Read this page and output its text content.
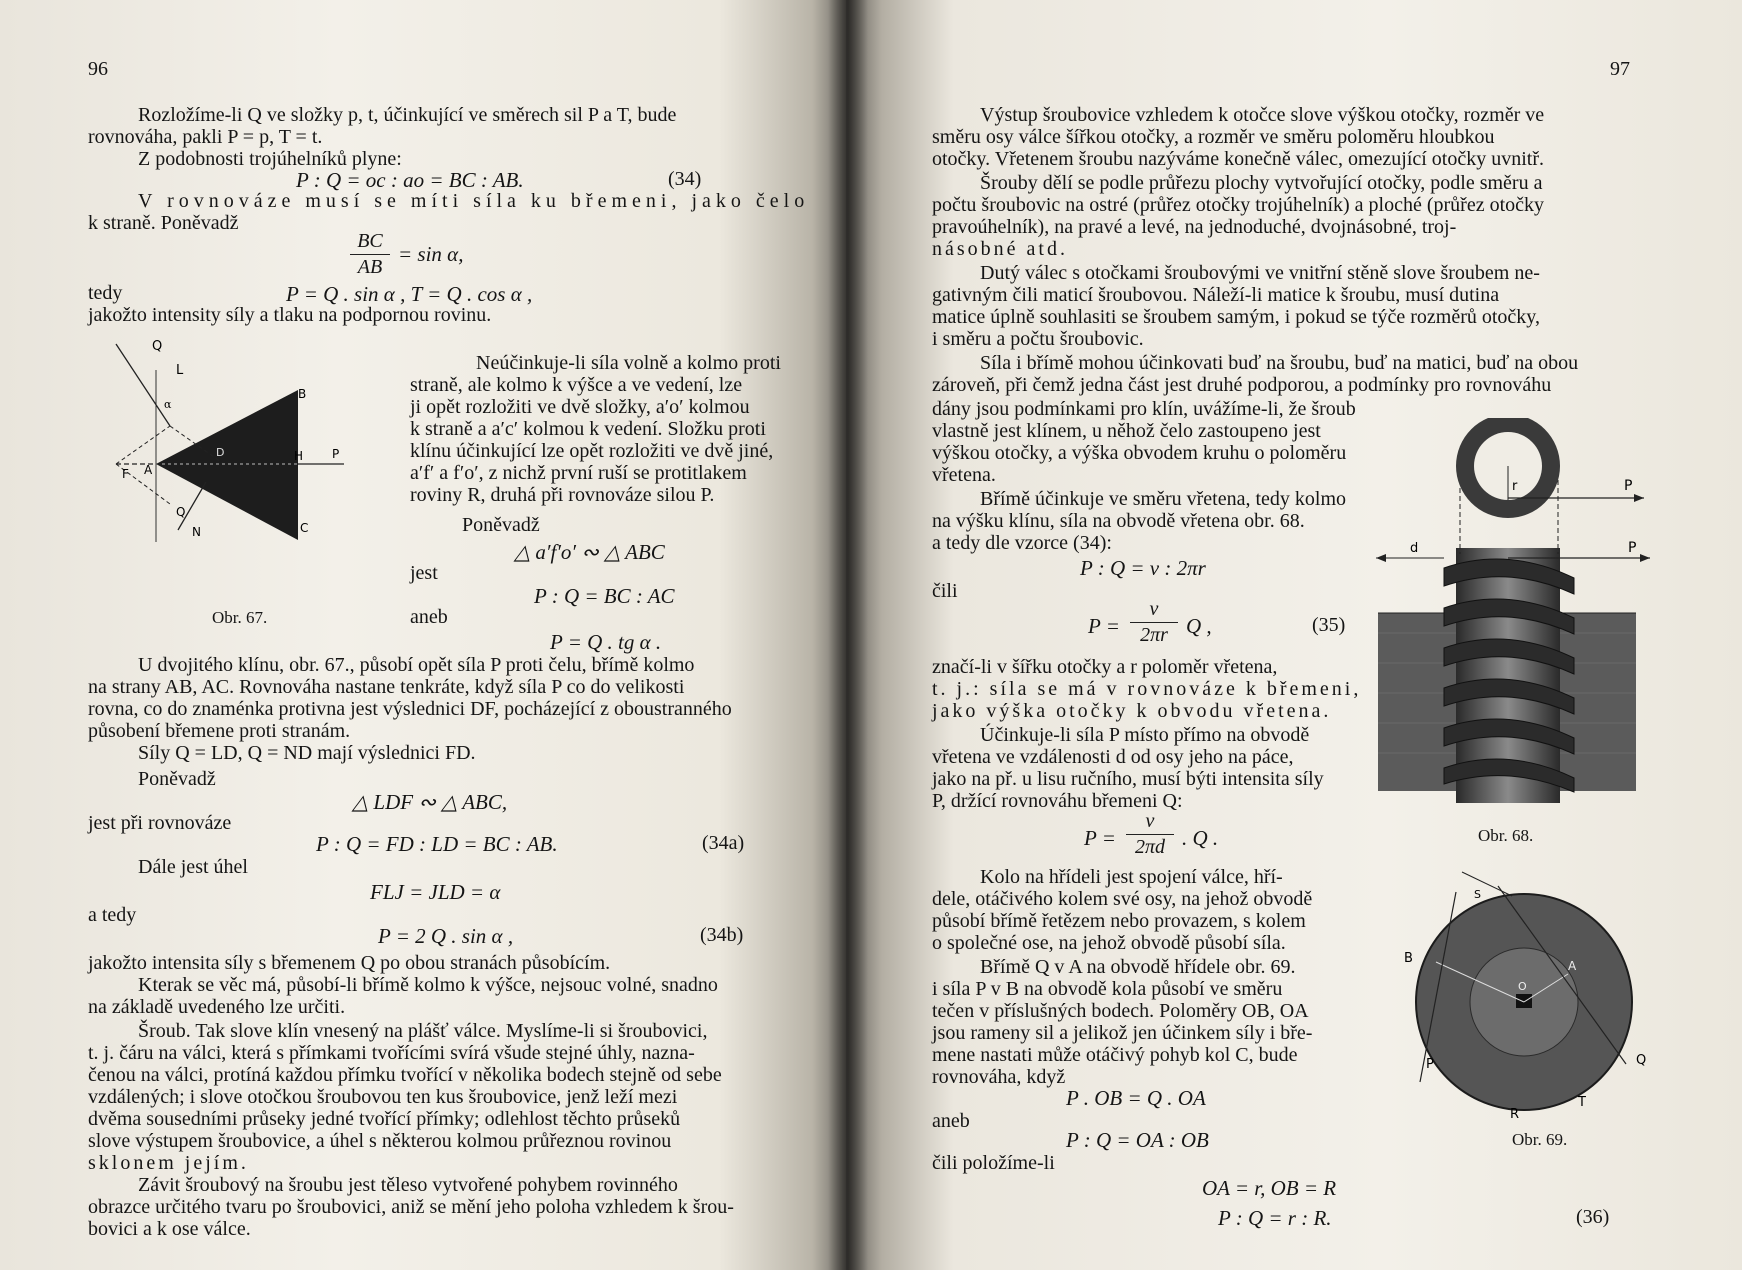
96
Rozložíme-li Q ve složky p, t, účinkující ve směrech sil P a T, bude
rovnováha, pakli P = p, T = t.
Z podobnosti trojúhelníků plyne:
P : Q = oc : ao = BC : AB.	(34)
V rovnováze musí se míti síla ku břemeni, jako čelo
k straně. Poněvadž
BC
AB
= sin α,
tedy	P = Q . sin α , T = Q . cos α ,
jakožto intensity síly a tlaku na podpornou rovinu.
Q
L
α
B
H P
F A
D
Q
N	C
Obr. 67.
Neúčinkuje-li síla volně a kolmo proti
straně, ale kolmo k výšce a ve vedení, lze
ji opět rozložiti ve dvě složky, a′o′ kolmou
k straně a a′c′ kolmou k vedení. Složku proti
klínu účinkující lze opět rozložiti ve dvě jiné,
a′f′ a f′o′, z nichž první ruší se protitlakem
roviny R, druhá při rovnováze silou P.
Poněvadž
△ a′f′o′ ∾ △ ABC
jest
P : Q = BC : AC
aneb
P = Q . tg α .
U dvojitého klínu, obr. 67., působí opět síla P proti čelu, břímě kolmo
na strany AB, AC. Rovnováha nastane tenkráte, když síla P co do velikosti
rovna, co do znaménka protivna jest výslednici DF, pocházející z oboustranného
působení břemene proti stranám.
Síly Q = LD, Q = ND mají výslednici FD.
Poněvadž
△ LDF ∾ △ ABC,
jest při rovnováze
P : Q = FD : LD = BC : AB.	(34a)
Dále jest úhel
FLJ = JLD = α
a tedy
P = 2 Q . sin α ,	(34b)
jakožto intensita síly s břemenem Q po obou stranách působícím.
Kterak se věc má, působí-li břímě kolmo k výšce, nejsouc volné, snadno
na základě uvedeného lze určiti.
Šroub. Tak slove klín vnesený na plášť válce. Myslíme-li si šroubovici,
t. j. čáru na válci, která s přímkami tvořícími svírá všude stejné úhly, nazna-
čenou na válci, protíná každou přímku tvořící v několika bodech stejně od sebe
vzdálených; i slove otočkou šroubovou ten kus šroubovice, jenž leží mezi
dvěma sousedními průseky jedné tvořící přímky; odlehlost těchto průseků
slove výstupem šroubovice, a úhel s některou kolmou průřeznou rovinou
sklonem jejím.
Závit šroubový na šroubu jest těleso vytvořené pohybem rovinného
obrazce určitého tvaru po šroubovici, aniž se mění jeho poloha vzhledem k šrou-
bovici a k ose válce.
97
Výstup šroubovice vzhledem k otočce slove výškou otočky, rozměr ve
směru osy válce šířkou otočky, a rozměr ve směru poloměru hloubkou
otočky. Vřetenem šroubu nazýváme konečně válec, omezující otočky uvnitř.
Šrouby dělí se podle průřezu plochy vytvořující otočky, podle směru a
počtu šroubovic na ostré (průřez otočky trojúhelník) a ploché (průřez otočky
pravoúhelník), na pravé a levé, na jednoduché, dvojnásobné, troj-
násobné atd.
Dutý válec s otočkami šroubovými ve vnitřní stěně slove šroubem ne-
gativným čili maticí šroubovou. Náleží-li matice k šroubu, musí dutina
matice úplně souhlasiti se šroubem samým, i pokud se týče rozměrů otočky,
i směru a počtu šroubovic.
Síla i břímě mohou účinkovati buď na šroubu, buď na matici, buď na obou
zároveň, při čemž jedna část jest druhé podporou, a podmínky pro rovnováhu
dány jsou podmínkami pro klín, uvážíme-li, že šroub
vlastně jest klínem, u něhož čelo zastoupeno jest
výškou otočky, a výška obvodem kruhu o poloměru
vřetena.
Břímě účinkuje ve směru vřetena, tedy kolmo
na výšku klínu, síla na obvodě vřetena obr. 68.
a tedy dle vzorce (34):
P : Q = v : 2πr
čili
P =
v
2πr Q ,	(35)
značí-li v šířku otočky a r poloměr vřetena,
t. j.: síla se má v rovnováze k břemeni,
jako výška otočky k obvodu vřetena.
Účinkuje-li síla P místo přímo na obvodě
vřetena ve vzdálenosti d od osy jeho na páce,
jako na př. u lisu ručního, musí býti intensita síly
P, držící rovnováhu břemeni Q:
P =
v
2πd . Q .
Kolo na hřídeli jest spojení válce, hří-
dele, otáčivého kolem své osy, na jehož obvodě
působí břímě řetězem nebo provazem, s kolem
o společné ose, na jehož obvodě působí síla.
Břímě Q v A na obvodě hřídele obr. 69.
i síla P v B na obvodě kola působí ve směru
tečen v příslušných bodech. Poloměry OB, OA
jsou rameny sil a jelikož jen účinkem síly i bře-
mene nastati může otáčivý pohyb kol C, bude
rovnováha, když
P . OB = Q . OA
aneb
P : Q = OA : OB
čili položíme-li
OA = r, OB = R
P : Q = r : R.	(36)
r	P
d	P
Obr. 68.
B	A
O
P	Q
R
T
S
Obr. 69.
